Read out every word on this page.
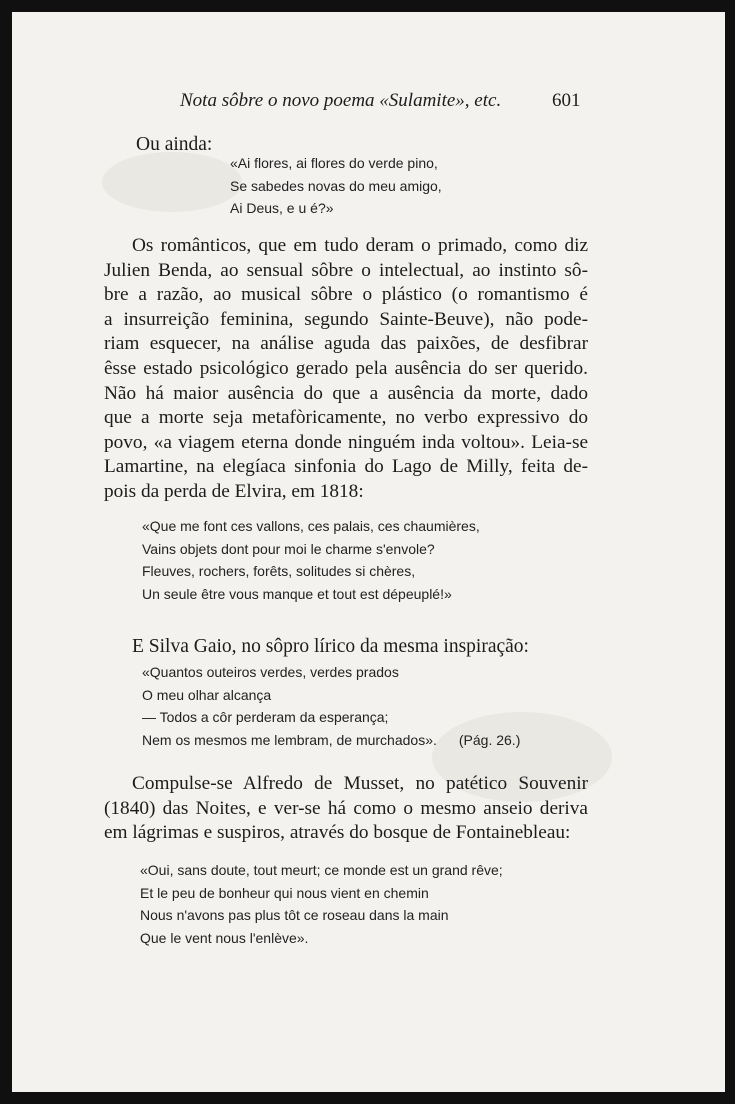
Nota sôbre o novo poema «Sulamite», etc.	601
Ou ainda:
«Ai flores, ai flores do verde pino,
Se sabedes novas do meu amigo,
Ai Deus, e u é?»
Os românticos, que em tudo deram o primado, como diz
Julien Benda, ao sensual sôbre o intelectual, ao instinto sô-
bre a razão, ao musical sôbre o plástico (o romantismo é
a insurreição feminina, segundo Sainte-Beuve), não pode-
riam esquecer, na análise aguda das paixões, de desfibrar
êsse estado psicológico gerado pela ausência do ser querido.
Não há maior ausência do que a ausência da morte, dado
que a morte seja metafòricamente, no verbo expressivo do
povo, «a viagem eterna donde ninguém inda voltou». Leia-se
Lamartine, na elegíaca sinfonia do Lago de Milly, feita de-
pois da perda de Elvira, em 1818:
«Que me font ces vallons, ces palais, ces chaumières,
Vains objets dont pour moi le charme s'envole?
Fleuves, rochers, forêts, solitudes si chères,
Un seule être vous manque et tout est dépeuplé!»
E Silva Gaio, no sôpro lírico da mesma inspiração:
«Quantos outeiros verdes, verdes prados
O meu olhar alcança
— Todos a côr perderam da esperança;
Nem os mesmos me lembram, de murchados». (Pág. 26.)
Compulse-se Alfredo de Musset, no patético Souvenir
(1840) das Noites, e ver-se há como o mesmo anseio deriva
em lágrimas e suspiros, através do bosque de Fontainebleau:
«Oui, sans doute, tout meurt; ce monde est un grand rêve;
Et le peu de bonheur qui nous vient en chemin
Nous n'avons pas plus tôt ce roseau dans la main
Que le vent nous l'enlève».
